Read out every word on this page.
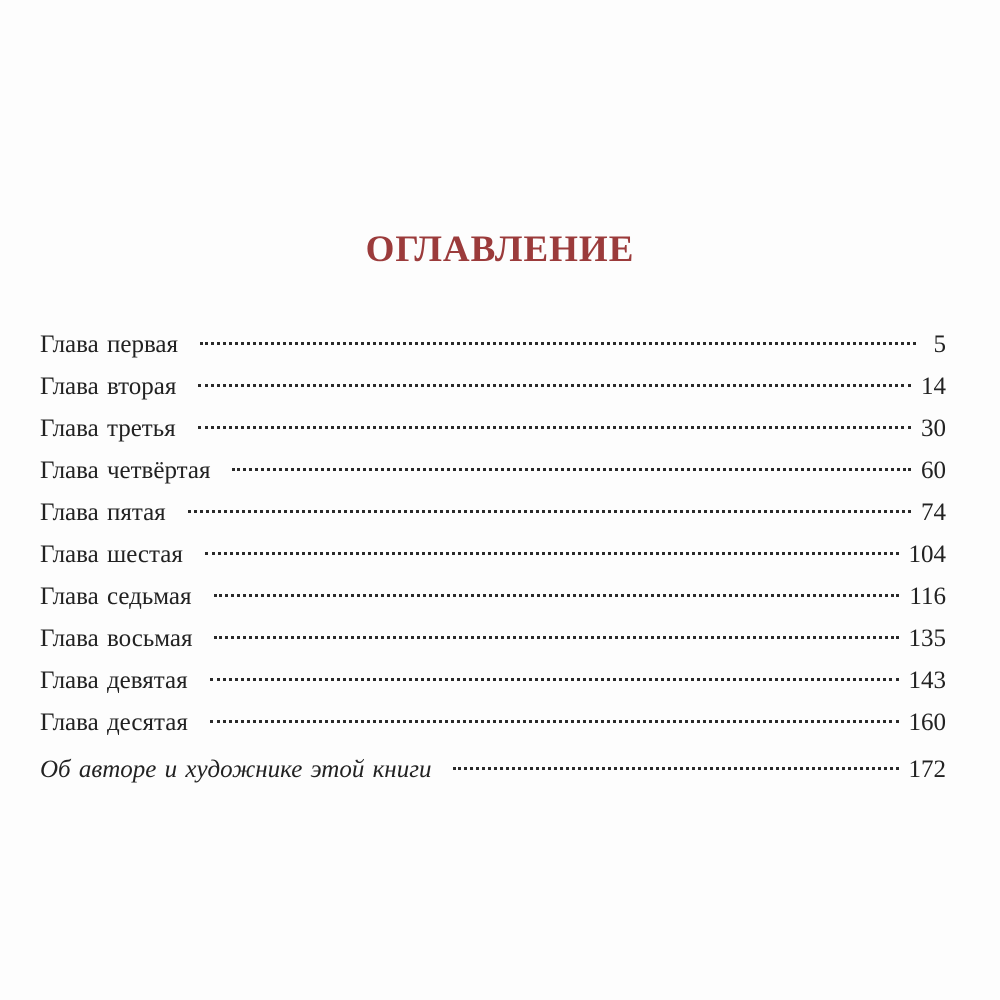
ОГЛАВЛЕНИЕ
Глава первая	5
Глава вторая	14
Глава третья	30
Глава четвёртая	60
Глава пятая	74
Глава шестая	104
Глава седьмая	116
Глава восьмая	135
Глава девятая	143
Глава десятая	160
Об авторе и художнике этой книги	172
